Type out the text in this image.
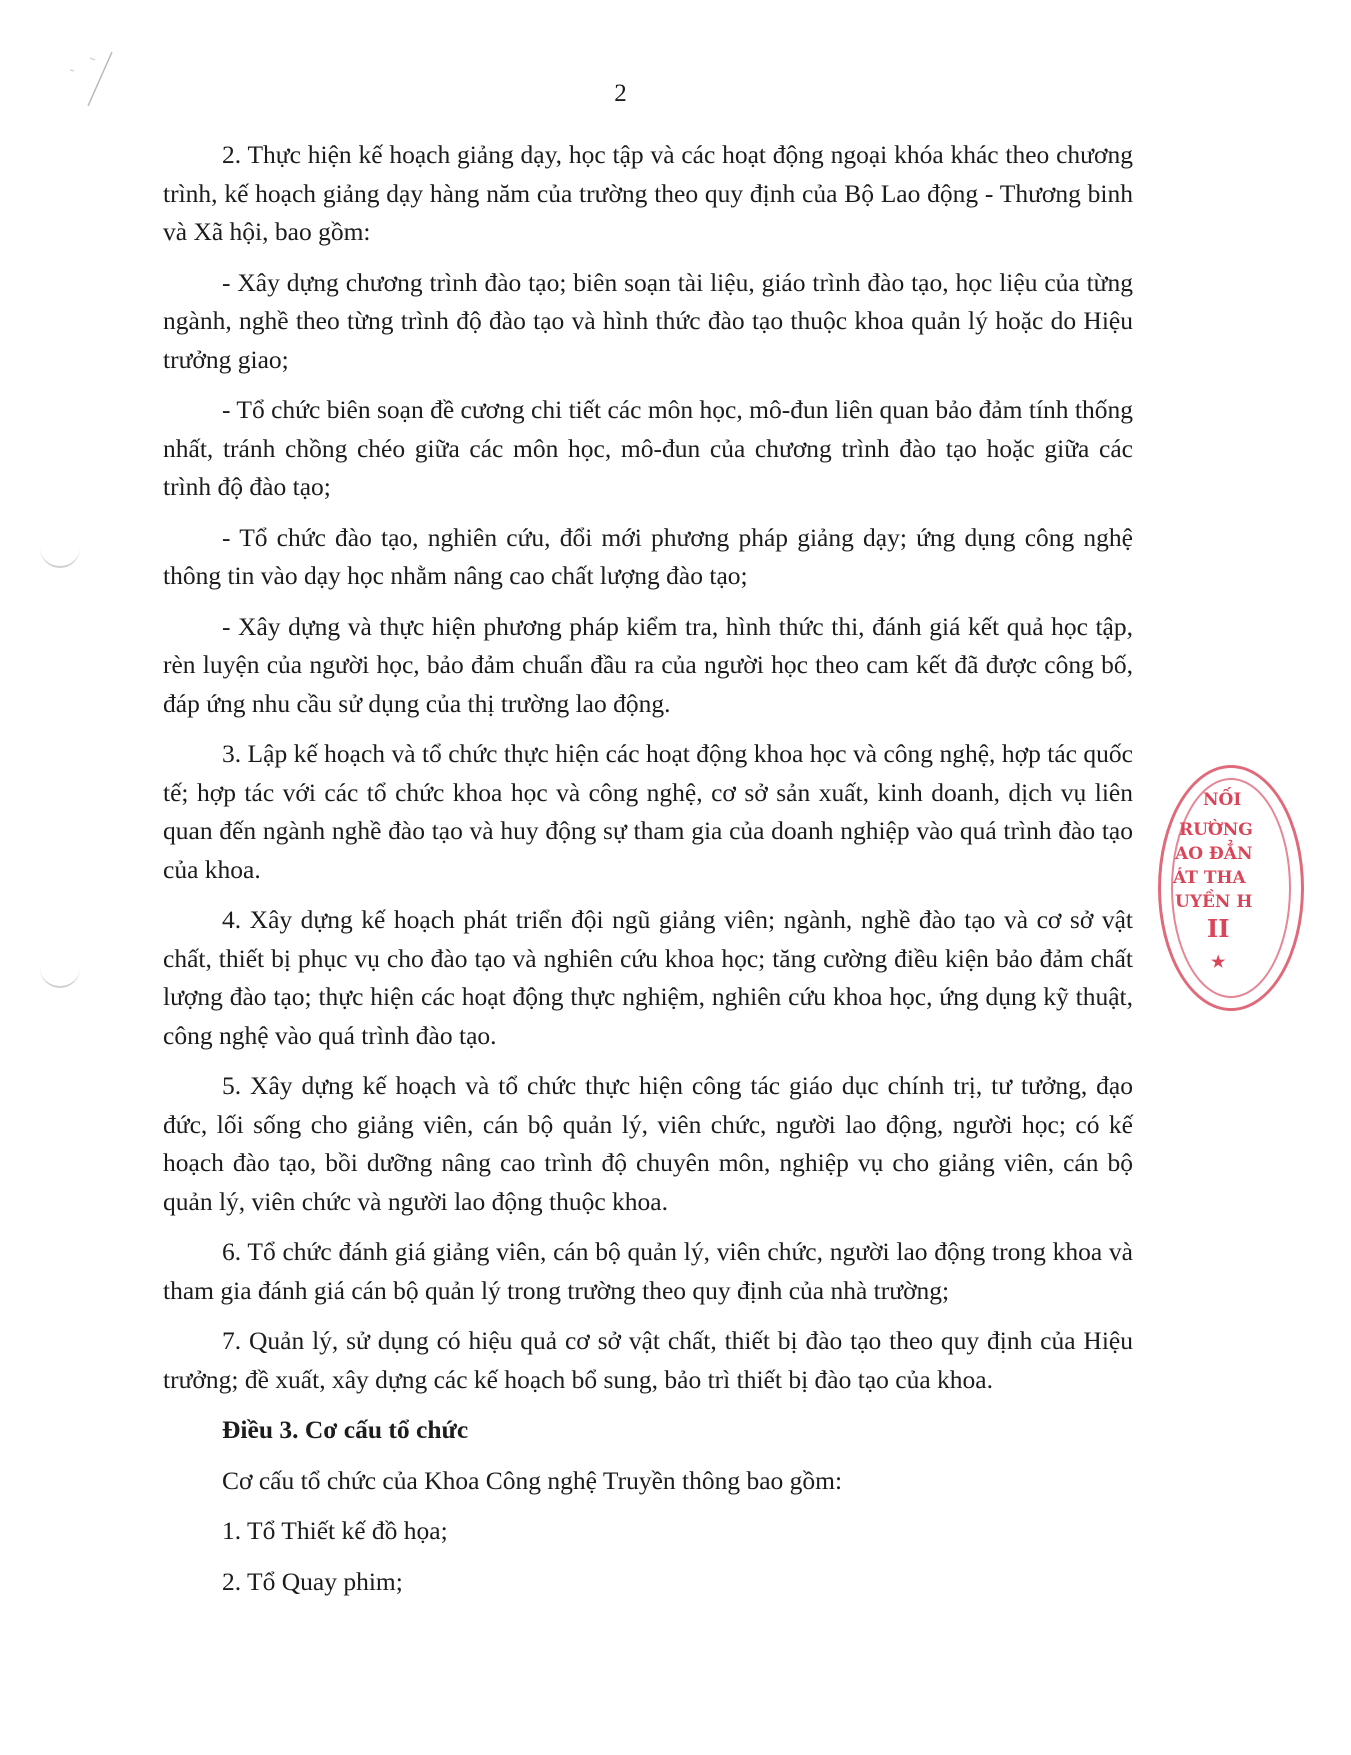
2

2. Thực hiện kế hoạch giảng dạy, học tập và các hoạt động ngoại khóa khác theo chương trình, kế hoạch giảng dạy hàng năm của trường theo quy định của Bộ Lao động - Thương binh và Xã hội, bao gồm:

- Xây dựng chương trình đào tạo; biên soạn tài liệu, giáo trình đào tạo, học liệu của từng ngành, nghề theo từng trình độ đào tạo và hình thức đào tạo thuộc khoa quản lý hoặc do Hiệu trưởng giao;

- Tổ chức biên soạn đề cương chi tiết các môn học, mô-đun liên quan bảo đảm tính thống nhất, tránh chồng chéo giữa các môn học, mô-đun của chương trình đào tạo hoặc giữa các trình độ đào tạo;

- Tổ chức đào tạo, nghiên cứu, đổi mới phương pháp giảng dạy; ứng dụng công nghệ thông tin vào dạy học nhằm nâng cao chất lượng đào tạo;

- Xây dựng và thực hiện phương pháp kiểm tra, hình thức thi, đánh giá kết quả học tập, rèn luyện của người học, bảo đảm chuẩn đầu ra của người học theo cam kết đã được công bố, đáp ứng nhu cầu sử dụng của thị trường lao động.

3. Lập kế hoạch và tổ chức thực hiện các hoạt động khoa học và công nghệ, hợp tác quốc tế; hợp tác với các tổ chức khoa học và công nghệ, cơ sở sản xuất, kinh doanh, dịch vụ liên quan đến ngành nghề đào tạo và huy động sự tham gia của doanh nghiệp vào quá trình đào tạo của khoa.

4. Xây dựng kế hoạch phát triển đội ngũ giảng viên; ngành, nghề đào tạo và cơ sở vật chất, thiết bị phục vụ cho đào tạo và nghiên cứu khoa học; tăng cường điều kiện bảo đảm chất lượng đào tạo; thực hiện các hoạt động thực nghiệm, nghiên cứu khoa học, ứng dụng kỹ thuật, công nghệ vào quá trình đào tạo.

5. Xây dựng kế hoạch và tổ chức thực hiện công tác giáo dục chính trị, tư tưởng, đạo đức, lối sống cho giảng viên, cán bộ quản lý, viên chức, người lao động, người học; có kế hoạch đào tạo, bồi dưỡng nâng cao trình độ chuyên môn, nghiệp vụ cho giảng viên, cán bộ quản lý, viên chức và người lao động thuộc khoa.

6. Tổ chức đánh giá giảng viên, cán bộ quản lý, viên chức, người lao động trong khoa và tham gia đánh giá cán bộ quản lý trong trường theo quy định của nhà trường;

7. Quản lý, sử dụng có hiệu quả cơ sở vật chất, thiết bị đào tạo theo quy định của Hiệu trưởng; đề xuất, xây dựng các kế hoạch bổ sung, bảo trì thiết bị đào tạo của khoa.

Điều 3. Cơ cấu tổ chức

Cơ cấu tổ chức của Khoa Công nghệ Truyền thông bao gồm:

1. Tổ Thiết kế đồ họa;

2. Tổ Quay phim;

NỐI
RƯỜNG
AO ĐẲN
ÁT THA
UYỀN H
II
★
